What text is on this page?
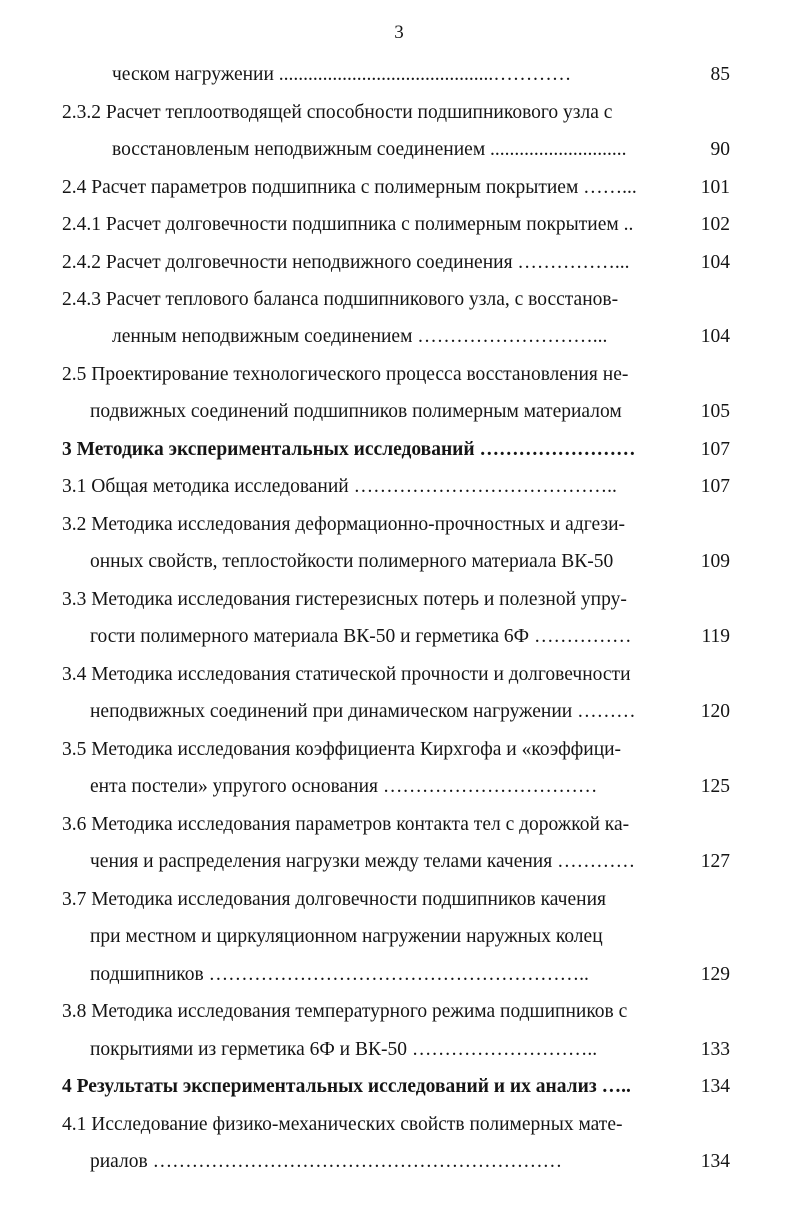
3
ческом нагружении ............................................…………	85
2.3.2 Расчет теплоотводящей способности подшипникового узла с
восстановленым неподвижным соединением ............................	90
2.4 Расчет параметров подшипника с полимерным покрытием ……...	101
2.4.1 Расчет долговечности подшипника с полимерным покрытием ..	102
2.4.2 Расчет долговечности неподвижного соединения ……………...	104
2.4.3 Расчет теплового баланса подшипникового узла, с восстанов-
ленным неподвижным соединением ………………………...	104
2.5 Проектирование технологического процесса восстановления не-
подвижных соединений подшипников полимерным материалом	105
3 Методика экспериментальных исследований ……………………	107
3.1 Общая методика исследований …………………………………..	107
3.2 Методика исследования деформационно-прочностных и адгези-
онных свойств, теплостойкости полимерного материала ВК-50	109
3.3 Методика исследования гистерезисных потерь и полезной упру-
гости полимерного материала ВК-50 и герметика 6Ф ……………	119
3.4 Методика исследования статической прочности и долговечности
неподвижных соединений при динамическом нагружении ………	120
3.5 Методика исследования коэффициента Кирхгофа и «коэффици-
ента постели» упругого основания ……………………………	125
3.6 Методика исследования параметров контакта тел с дорожкой ка-
чения и распределения нагрузки между телами качения …………	127
3.7 Методика исследования долговечности подшипников качения
при местном и циркуляционном нагружении наружных колец
подшипников …………………………………………………..	129
3.8 Методика исследования температурного режима подшипников с
покрытиями из герметика 6Ф и ВК-50 ………………………..	133
4 Результаты экспериментальных исследований и их анализ …..	134
4.1 Исследование физико-механических свойств полимерных мате-
риалов ………………………………………………………	134
